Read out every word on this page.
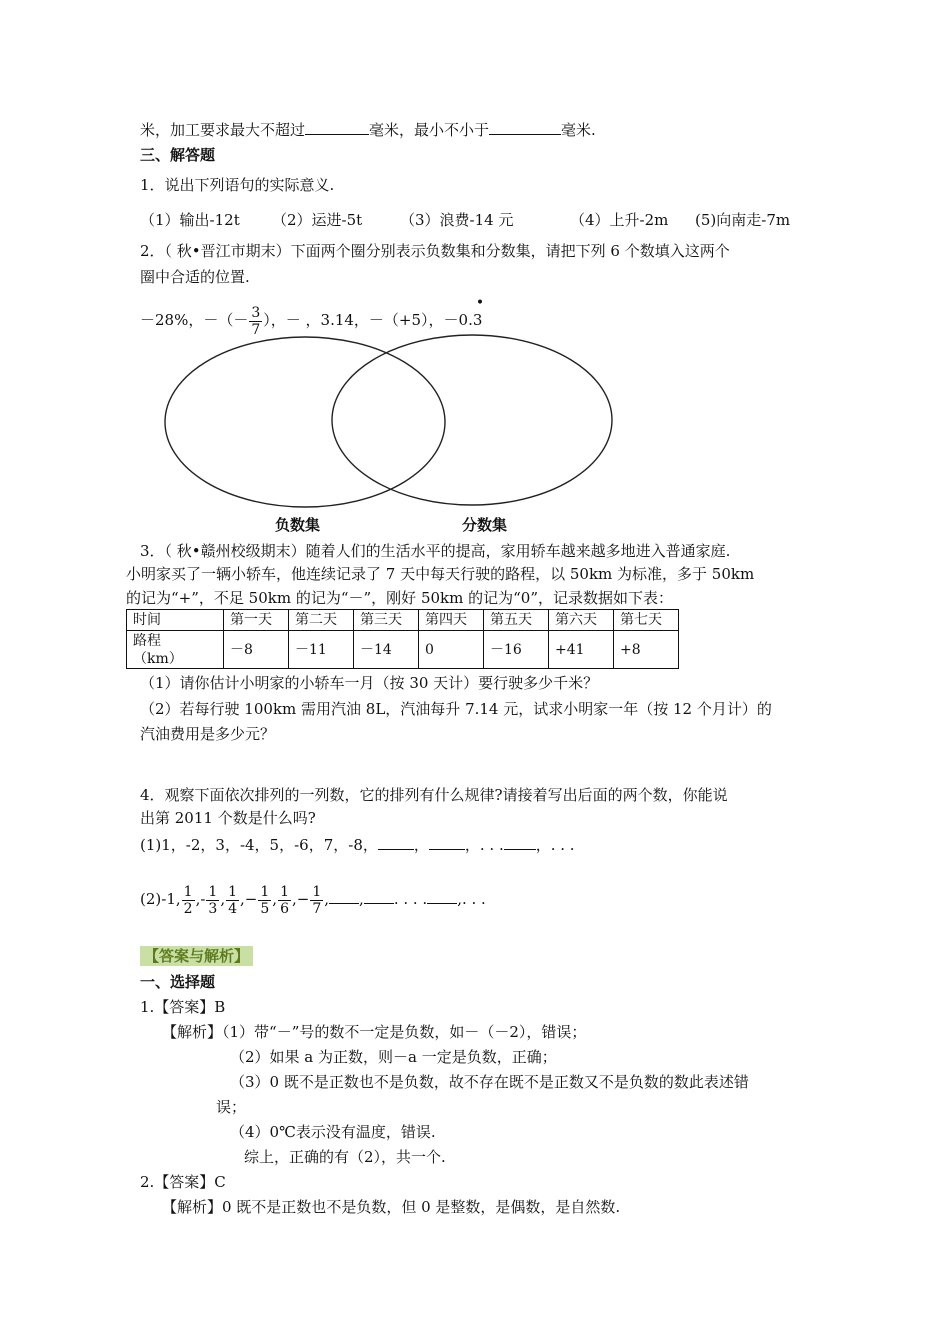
米，加工要求最大不超过	毫米，最小不小于	毫米.
三、解答题
1．说出下列语句的实际意义.
（1）输出-12t （2）运进-5t	（3）浪费-14 元	（4）上升-2m (5)向南走-7m
2．（ 秋•晋江市期末）下面两个圈分别表示负数集和分数集，请把下列 6 个数填入这两个
圈中合适的位置.
－28%，－（－ $\frac{3}{7}$ ），－ ，3.14，－（+5），－0.3
•
负数集	分数集
3．（ 秋•赣州校级期末）随着人们的生活水平的提高，家用轿车越来越多地进入普通家庭.
小明家买了一辆小轿车，他连续记录了 7 天中每天行驶的路程，以 50km 为标准，多于 50km
的记为“+”，不足 50km 的记为“－”，刚好 50km 的记为“0”，记录数据如下表：
时间	第一天	第二天	第三天	第四天	第五天	第六天	第七天
路程
（km）	－8	－11	－14	0	－16	+41	+8
（1）请你估计小明家的小轿车一月（按 30 天计）要行驶多少千米？
（2）若每行驶 100km 需用汽油 8L，汽油每升 7.14 元，试求小明家一年（按 12 个月计）的
汽油费用是多少元？
4．观察下面依次排列的一列数，它的排列有什么规律?请接着写出后面的两个数，你能说
出第 2011 个数是什么吗?
(1)1，-2，3，-4，5，-6，7，-8， ， ，. . . ，. . .
(2)-1, $\frac{1}{2}$ ,- $\frac{1}{3}$ , $\frac{1}{4}$ ,− $\frac{1}{5}$ , $\frac{1}{6}$ ,− $\frac{1}{7}$ , , . . . . ,. . .
【答案与解析】
一、选择题
1.【答案】B
【解析】（1）带“－”号的数不一定是负数，如－（－2），错误；
（2）如果 a 为正数，则－a 一定是负数，正确；
（3）0 既不是正数也不是负数，故不存在既不是正数又不是负数的数此表述错
误；
（4）0℃表示没有温度，错误.
综上，正确的有（2），共一个.
2.【答案】C
【解析】0 既不是正数也不是负数，但 0 是整数，是偶数，是自然数.
